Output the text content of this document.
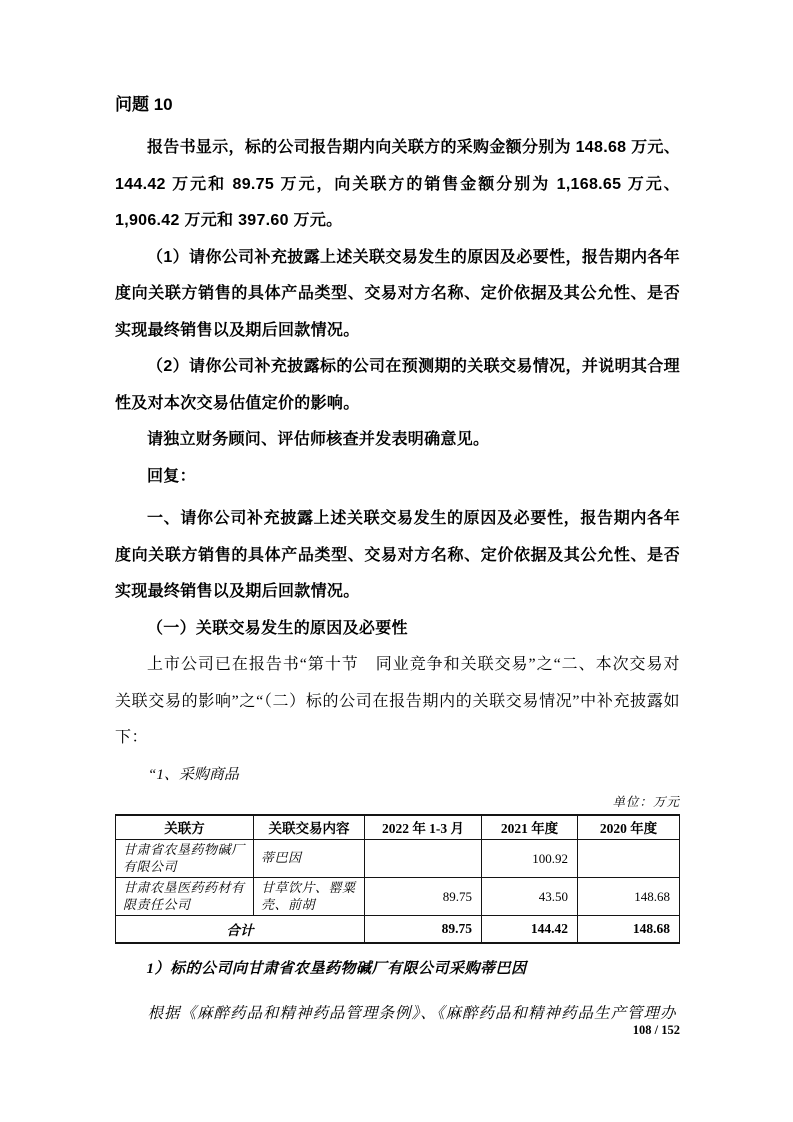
问题 10

报告书显示，标的公司报告期内向关联方的采购金额分别为 148.68 万元、144.42 万元和 89.75 万元，向关联方的销售金额分别为 1,168.65 万元、1,906.42 万元和 397.60 万元。

（1）请你公司补充披露上述关联交易发生的原因及必要性，报告期内各年度向关联方销售的具体产品类型、交易对方名称、定价依据及其公允性、是否实现最终销售以及期后回款情况。

（2）请你公司补充披露标的公司在预测期的关联交易情况，并说明其合理性及对本次交易估值定价的影响。

请独立财务顾问、评估师核查并发表明确意见。

回复：

一、请你公司补充披露上述关联交易发生的原因及必要性，报告期内各年度向关联方销售的具体产品类型、交易对方名称、定价依据及其公允性、是否实现最终销售以及期后回款情况。

（一）关联交易发生的原因及必要性

上市公司已在报告书“第十节　同业竞争和关联交易”之“二、本次交易对关联交易的影响”之“（二）标的公司在报告期内的关联交易情况”中补充披露如下：

“1、采购商品

单位：万元
关联方	关联交易内容	2022 年 1-3 月	2021 年度	2020 年度
甘肃省农垦药物碱厂有限公司	蒂巴因		100.92	
甘肃农垦医药药材有限责任公司	甘草饮片、罂粟壳、前胡	89.75	43.50	148.68
合计		89.75	144.42	148.68

1）标的公司向甘肃省农垦药物碱厂有限公司采购蒂巴因

根据《麻醉药品和精神药品管理条例》、《麻醉药品和精神药品生产管理办

108 / 152
